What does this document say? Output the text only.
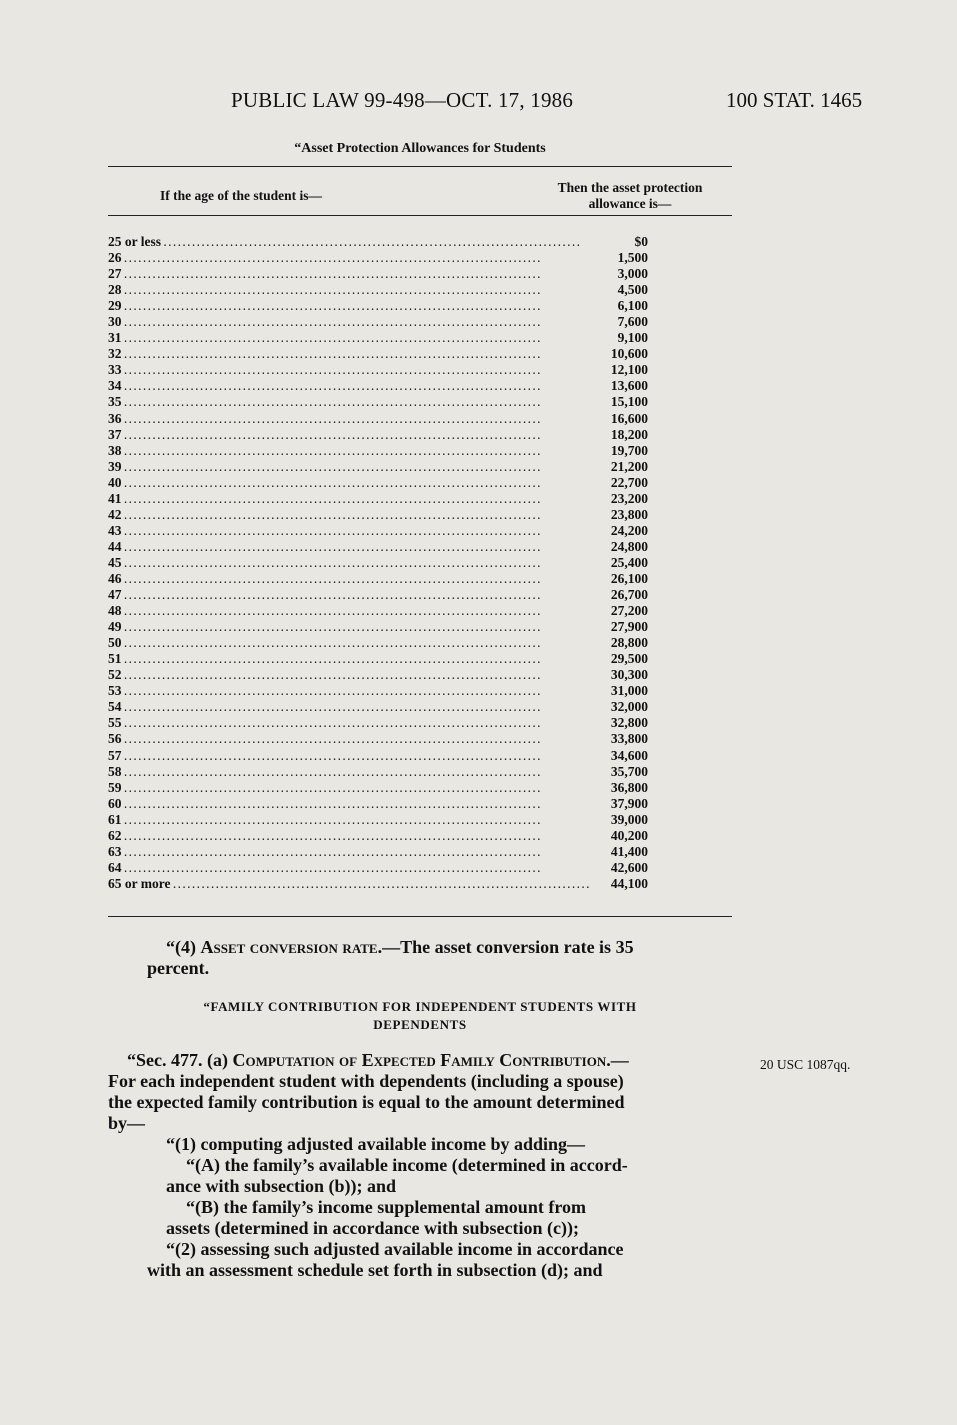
PUBLIC LAW 99-498—OCT. 17, 1986	100 STAT. 1465
“Asset Protection Allowances for Students
If the age of the student is—
Then the asset protection
allowance is—
25 or less . . .	$0
26 . . .	1,500
27 . . .	3,000
28 . . .	4,500
29 . . .	6,100
30 . . .	7,600
31 . . .	9,100
32 . . .	10,600
33 . . .	12,100
34 . . .	13,600
35 . . .	15,100
36 . . .	16,600
37 . . .	18,200
38 . . .	19,700
39 . . .	21,200
40 . . .	22,700
41 . . .	23,200
42 . . .	23,800
43 . . .	24,200
44 . . .	24,800
45 . . .	25,400
46 . . .	26,100
47 . . .	26,700
48 . . .	27,200
49 . . .	27,900
50 . . .	28,800
51 . . .	29,500
52 . . .	30,300
53 . . .	31,000
54 . . .	32,000
55 . . .	32,800
56 . . .	33,800
57 . . .	34,600
58 . . .	35,700
59 . . .	36,800
60 . . .	37,900
61 . . .	39,000
62 . . .	40,200
63 . . .	41,400
64 . . .	42,600
65 or more . . .	44,100
“(4) Asset conversion rate.—The asset conversion rate is 35
percent.
“FAMILY CONTRIBUTION FOR INDEPENDENT STUDENTS WITH
DEPENDENTS
“Sec. 477. (a) Computation of Expected Family Contribution.—	20 USC 1087qq.
For each independent student with dependents (including a spouse)
the expected family contribution is equal to the amount determined
by—
“(1) computing adjusted available income by adding—
“(A) the family’s available income (determined in accord-
ance with subsection (b)); and
“(B) the family’s income supplemental amount from
assets (determined in accordance with subsection (c));
“(2) assessing such adjusted available income in accordance
with an assessment schedule set forth in subsection (d); and
